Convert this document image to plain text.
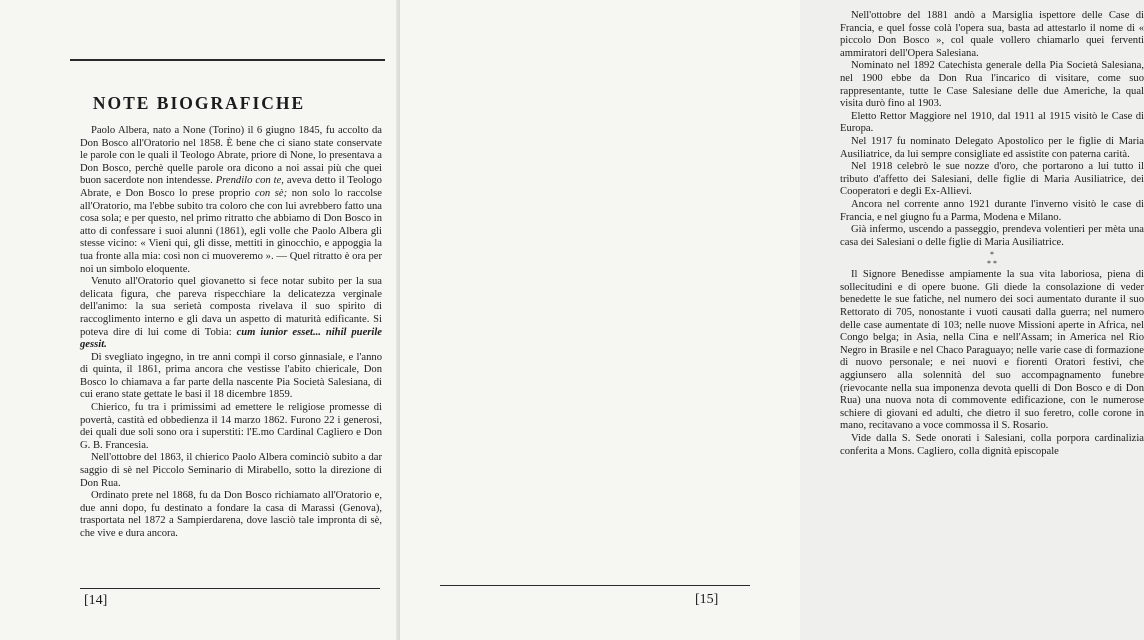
NOTE BIOGRAFICHE

Paolo Albera, nato a None (Torino) il 6 giugno 1845, fu accolto da Don Bosco all'Oratorio nel 1858. È bene che ci siano state conservate le parole con le quali il Teologo Abrate, priore di None, lo presentava a Don Bosco, perchè quelle parole ora dicono a noi assai più che quei buon sacerdote non intendesse. Prendilo con te, aveva detto il Teologo Abrate, e Don Bosco lo prese proprio con sè; non solo lo raccolse all'Oratorio, ma l'ebbe subito tra coloro che con lui avrebbero fatto una cosa sola; e per questo, nel primo ritratto che abbiamo di Don Bosco in atto di confessare i suoi alunni (1861), egli volle che Paolo Albera gli stesse vicino: « Vieni qui, gli disse, mettiti in ginocchio, e appoggia la tua fronte alla mia: così non ci muoveremo ». — Quel ritratto è ora per noi un simbolo eloquente.

Venuto all'Oratorio quel giovanetto si fece notar subito per la sua delicata figura, che pareva rispecchiare la delicatezza verginale dell'animo: la sua serietà composta rivelava il suo spirito di raccoglimento interno e gli dava un aspetto di maturità edificante. Si poteva dire di lui come di Tobia: cum iunior esset... nihil puerile gessit.

Di svegliato ingegno, in tre anni compì il corso ginnasiale, e l'anno di quinta, il 1861, prima ancora che vestisse l'abito chiericale, Don Bosco lo chiamava a far parte della nascente Pia Società Salesiana, di cui erano state gettate le basi il 18 dicembre 1859.

Chierico, fu tra i primissimi ad emettere le religiose promesse di povertà, castità ed obbedienza il 14 marzo 1862. Furono 22 i generosi, dei quali due soli sono ora i superstiti: l'E.mo Cardinal Cagliero e Don G. B. Francesia.

Nell'ottobre del 1863, il chierico Paolo Albera cominciò subito a dar saggio di sè nel Piccolo Seminario di Mirabello, sotto la direzione di Don Rua.

Ordinato prete nel 1868, fu da Don Bosco richiamato all'Oratorio e, due anni dopo, fu destinato a fondare la casa di Marassi (Genova), trasportata nel 1872 a Sampierdarena, dove lasciò tale impronta di sè, che vive e dura ancora.

[14]

Nell'ottobre del 1881 andò a Marsiglia ispettore delle Case di Francia, e quel fosse colà l'opera sua, basta ad attestarlo il nome di « piccolo Don Bosco », col quale vollero chiamarlo quei ferventi ammiratori dell'Opera Salesiana.

Nominato nel 1892 Catechista generale della Pia Società Salesiana, nel 1900 ebbe da Don Rua l'incarico di visitare, come suo rappresentante, tutte le Case Salesiane delle due Americhe, la qual visita durò fino al 1903.

Eletto Rettor Maggiore nel 1910, dal 1911 al 1915 visitò le Case di Europa.

Nel 1917 fu nominato Delegato Apostolico per le figlie di Maria Ausiliatrice, da lui sempre consigliate ed assistite con paterna carità.

Nel 1918 celebrò le sue nozze d'oro, che portarono a lui tutto il tributo d'affetto dei Salesiani, delle figlie di Maria Ausiliatrice, dei Cooperatori e degli Ex-Allievi.

Ancora nel corrente anno 1921 durante l'inverno visitò le case di Francia, e nel giugno fu a Parma, Modena e Milano.

Già infermo, uscendo a passeggio, prendeva volentieri per mèta una casa dei Salesiani o delle figlie di Maria Ausiliatrice.

*
* *

Il Signore Benedisse ampiamente la sua vita laboriosa, piena di sollecitudini e di opere buone. Gli diede la consolazione di veder benedette le sue fatiche, nel numero dei soci aumentato durante il suo Rettorato di 705, nonostante i vuoti causati dalla guerra; nel numero delle case aumentate di 103; nelle nuove Missioni aperte in Africa, nel Congo belga; in Asia, nella Cina e nell'Assam; in America nel Rio Negro in Brasile e nel Chaco Paraguayo; nelle varie case di formazione di nuovo personale; e nei nuovi e fiorenti Oratori festivi, che aggiunsero alla solennità del suo accompagnamento funebre (rievocante nella sua imponenza devota quelli di Don Bosco e di Don Rua) una nuova nota di commovente edificazione, con le numerose schiere di giovani ed adulti, che dietro il suo feretro, colle corone in mano, recitavano a voce commossa il S. Rosario.

Vide dalla S. Sede onorati i Salesiani, colla porpora cardinalizia conferita a Mons. Cagliero, colla dignità episcopale

[15]
